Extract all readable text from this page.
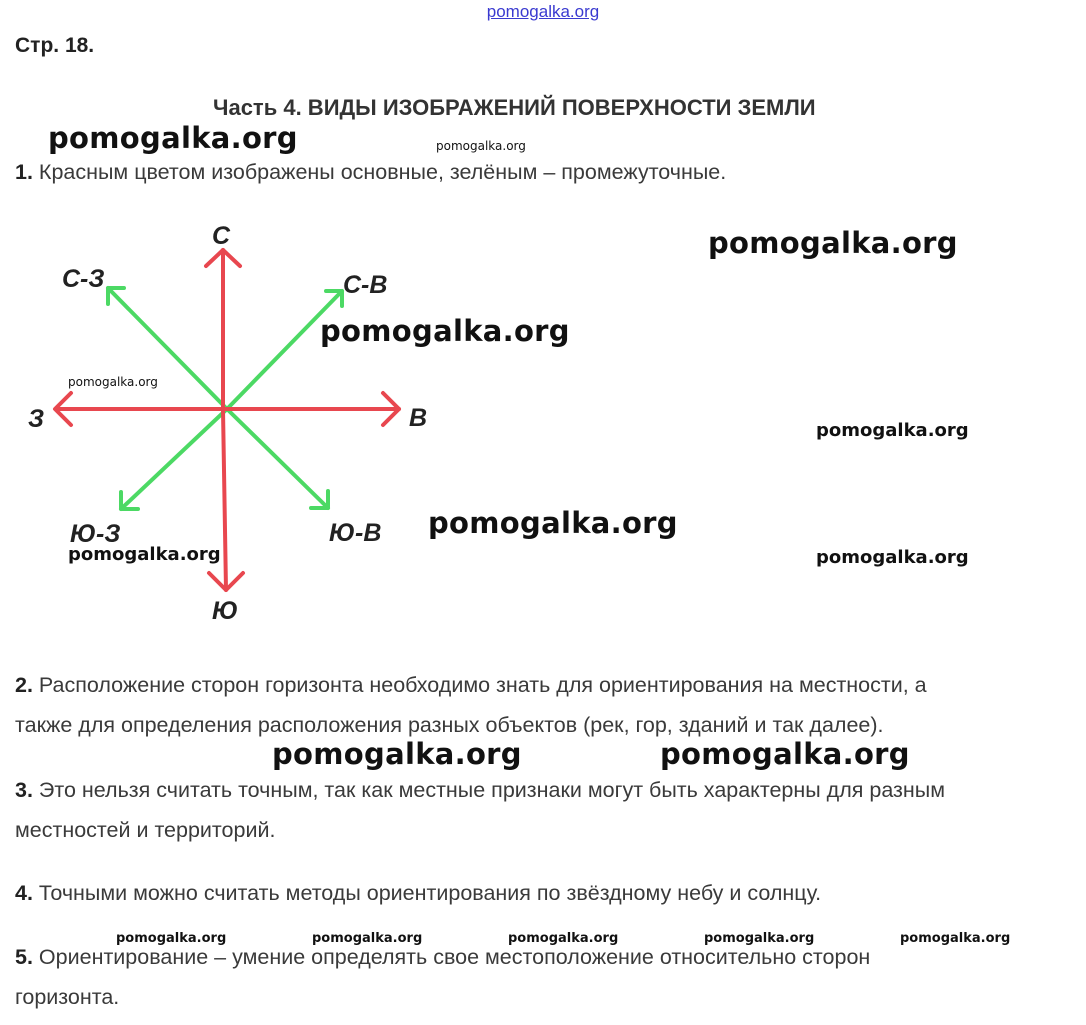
pomogalka.org
Стр. 18.
Часть 4. ВИДЫ ИЗОБРАЖЕНИЙ ПОВЕРХНОСТИ ЗЕМЛИ
1. Красным цветом изображены основные, зелёным – промежуточные.
С
С-З	С-В
З	В
Ю-З	Ю-В
Ю
2. Расположение сторон горизонта необходимо знать для ориентирования на местности, а
также для определения расположения разных объектов (рек, гор, зданий и так далее).
3. Это нельзя считать точным, так как местные признаки могут быть характерны для разным
местностей и территорий.
4. Точными можно считать методы ориентирования по звёздному небу и солнцу.
5. Ориентирование – умение определять свое местоположение относительно сторон
горизонта.
pomogalka.org	pomogalka.org
pomogalka.org
pomogalka.org
pomogalka.org
pomogalka.org
pomogalka.org
pomogalka.org	pomogalka.org
pomogalka.org	pomogalka.org
pomogalka.org	pomogalka.org	pomogalka.org	pomogalka.org	pomogalka.org
